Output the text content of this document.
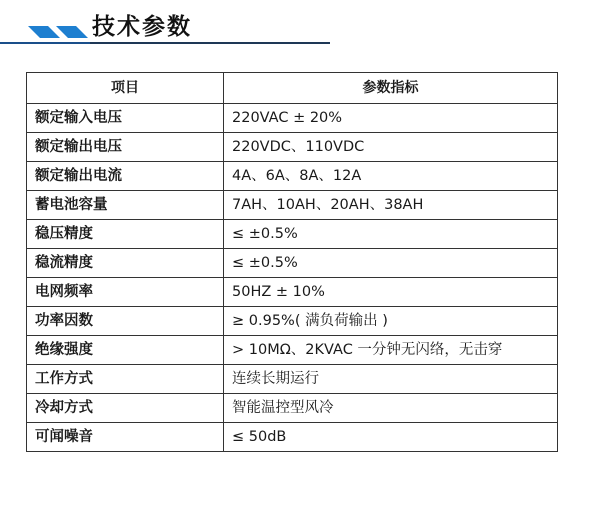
技术参数
项目	参数指标
额定输入电压	220VAC ± 20%
额定输出电压	220VDC、110VDC
额定输出电流	4A、6A、8A、12A
蓄电池容量	7AH、10AH、20AH、38AH
稳压精度	≤ ±0.5%
稳流精度	≤ ±0.5%
电网频率	50HZ ± 10%
功率因数	≥ 0.95%( 满负荷输出 )
绝缘强度	> 10MΩ、2KVAC 一分钟无闪络，无击穿
工作方式	连续长期运行
冷却方式	智能温控型风冷
可闻噪音	≤ 50dB
